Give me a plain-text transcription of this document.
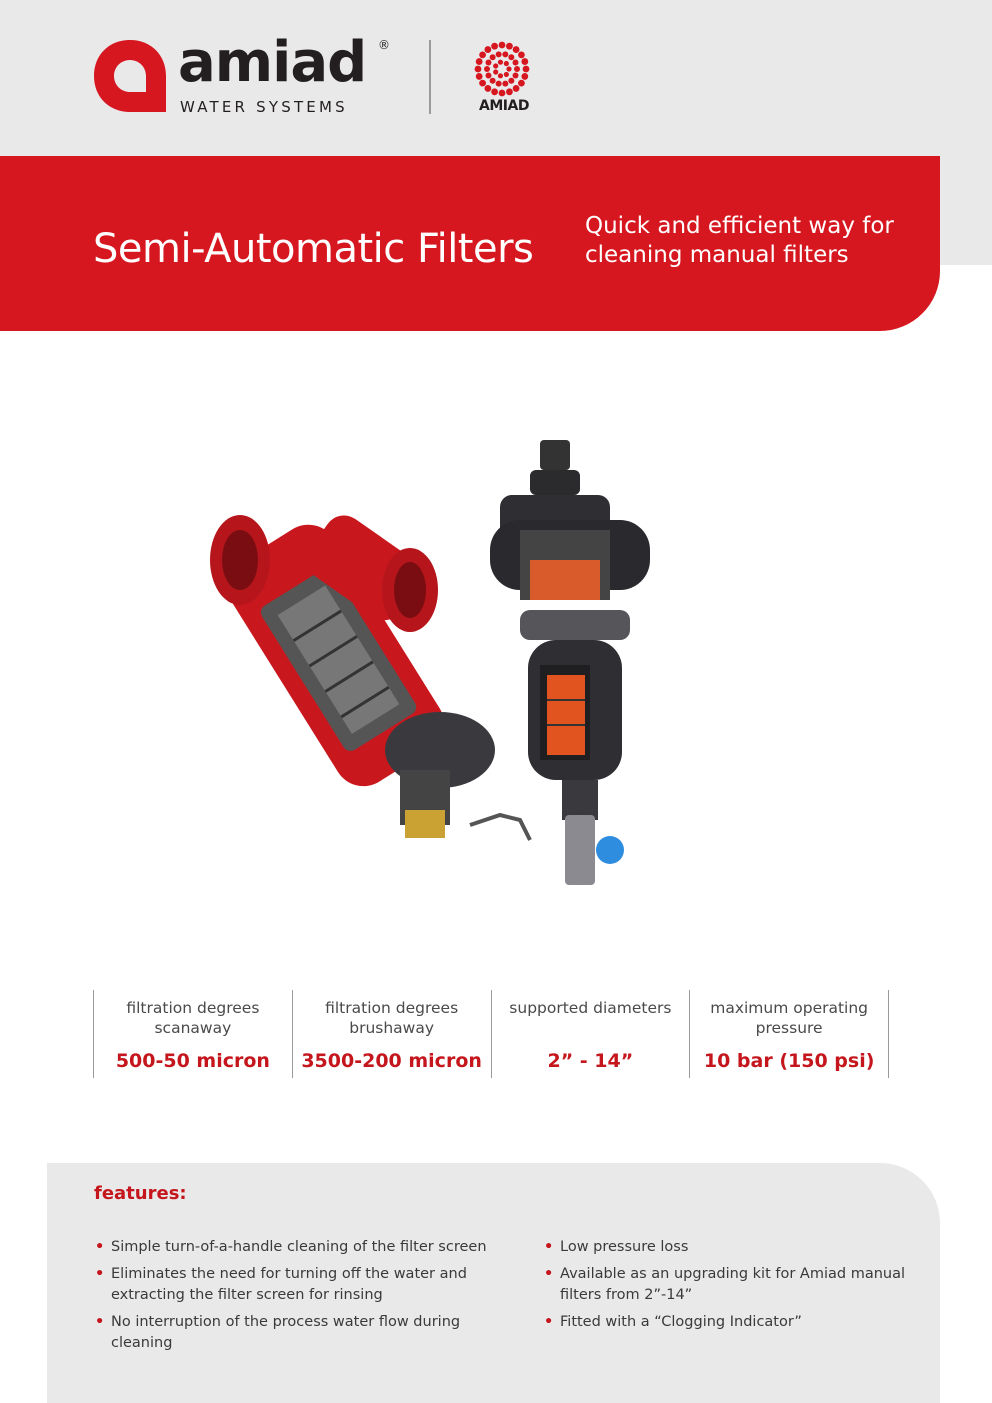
amiad ®
WATER SYSTEMS	AMIAD
Semi-Automatic Filters Quick and efficient way for
cleaning manual filters
filtration degrees
scanaway
500-50 micron
filtration degrees
brushaway
3500-200 micron
supported diameters
2” - 14”
maximum operating
pressure
10 bar (150 psi)
features:
• Simple turn-of-a-handle cleaning of the filter screen
• Eliminates the need for turning off the water and
extracting the filter screen for rinsing
• No interruption of the process water flow during cleaning
• Low pressure loss
• Available as an upgrading kit for Amiad manual
filters from 2”-14”
• Fitted with a “Clogging Indicator”
